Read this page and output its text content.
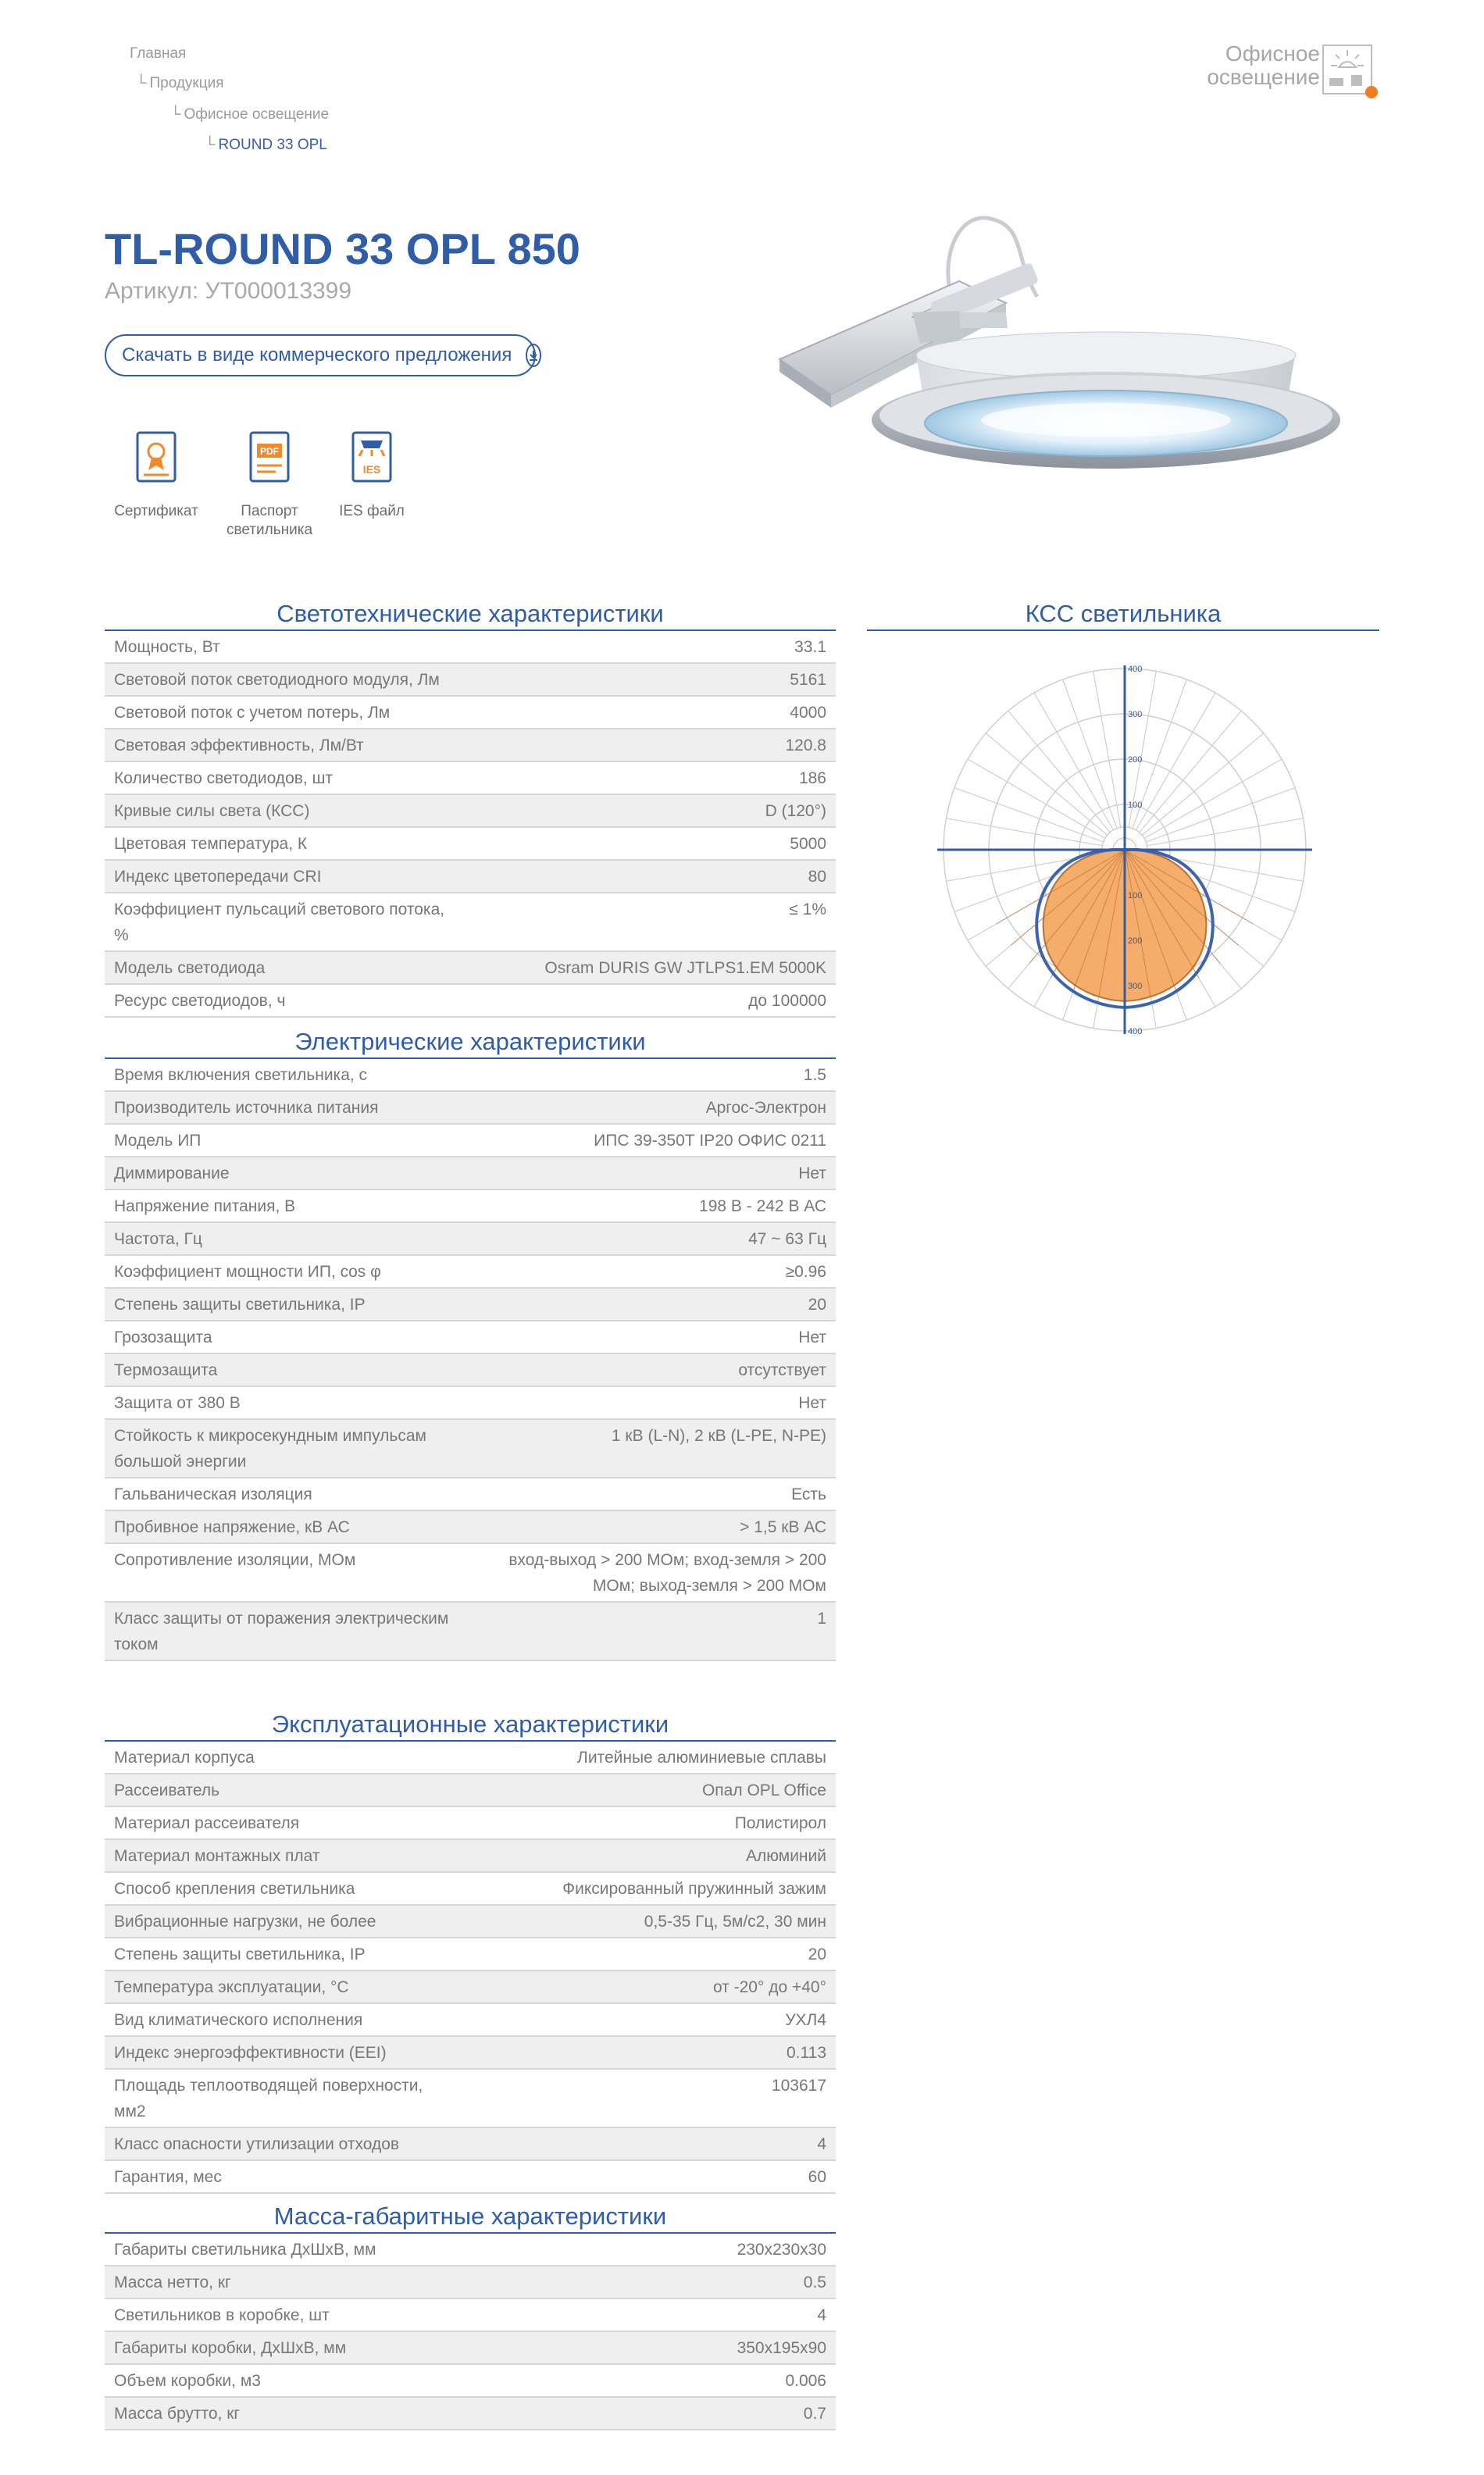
Главная
└ Продукция
└ Офисное освещение
└ ROUND 33 OPL
Офисное
освещение
TL-ROUND 33 OPL 850
Артикул: УТ000013399
Скачать в виде коммерческого предложения
Сертификат
PDF
Паспорт светильника
IES
IES файл
Светотехнические характеристики
Мощность, Вт	33.1
Световой поток светодиодного модуля, Лм	5161
Световой поток с учетом потерь, Лм	4000
Световая эффективность, Лм/Вт	120.8
Количество светодиодов, шт	186
Кривые силы света (КСС)	D (120°)
Цветовая температура, К	5000
Индекс цветопередачи CRI	80
Коэффициент пульсаций светового потока, %	≤ 1%
Модель светодиода	Osram DURIS GW JTLPS1.EM 5000K
Ресурс светодиодов, ч	до 100000
КСС светильника
400
300
200
100
100
200
300
400
Электрические характеристики
Время включения светильника, с	1.5
Производитель источника питания	Аргос-Электрон
Модель ИП	ИПС 39-350Т IP20 ОФИС 0211
Диммирование	Нет
Напряжение питания, В	198 В - 242 В АС
Частота, Гц	47 ~ 63 Гц
Коэффициент мощности ИП, cos φ	≥0.96
Степень защиты светильника, IP	20
Грозозащита	Нет
Термозащита	отсутствует
Защита от 380 В	Нет
Стойкость к микросекундным импульсам большой энергии	1 кВ (L-N), 2 кВ (L-PE, N-PE)
Гальваническая изоляция	Есть
Пробивное напряжение, кВ АС	> 1,5 кВ АС
Сопротивление изоляции, МОм	вход-выход > 200 МОм; вход-земля > 200 МОм; выход-земля > 200 МОм
Класс защиты от поражения электрическим током	1
Эксплуатационные характеристики
Материал корпуса	Литейные алюминиевые сплавы
Рассеиватель	Опал OPL Office
Материал рассеивателя	Полистирол
Материал монтажных плат	Алюминий
Способ крепления светильника	Фиксированный пружинный зажим
Вибрационные нагрузки, не более	0,5-35 Гц, 5м/с2, 30 мин
Степень защиты светильника, IP	20
Температура эксплуатации, °С	от -20° до +40°
Вид климатического исполнения	УХЛ4
Индекс энергоэффективности (EEI)	0.113
Площадь теплоотводящей поверхности, мм2	103617
Класс опасности утилизации отходов	4
Гарантия, мес	60
Масса-габаритные характеристики
Габариты светильника ДхШхВ, мм	230x230x30
Масса нетто, кг	0.5
Светильников в коробке, шт	4
Габариты коробки, ДхШхВ, мм	350x195x90
Объем коробки, м3	0.006
Масса брутто, кг	0.7
